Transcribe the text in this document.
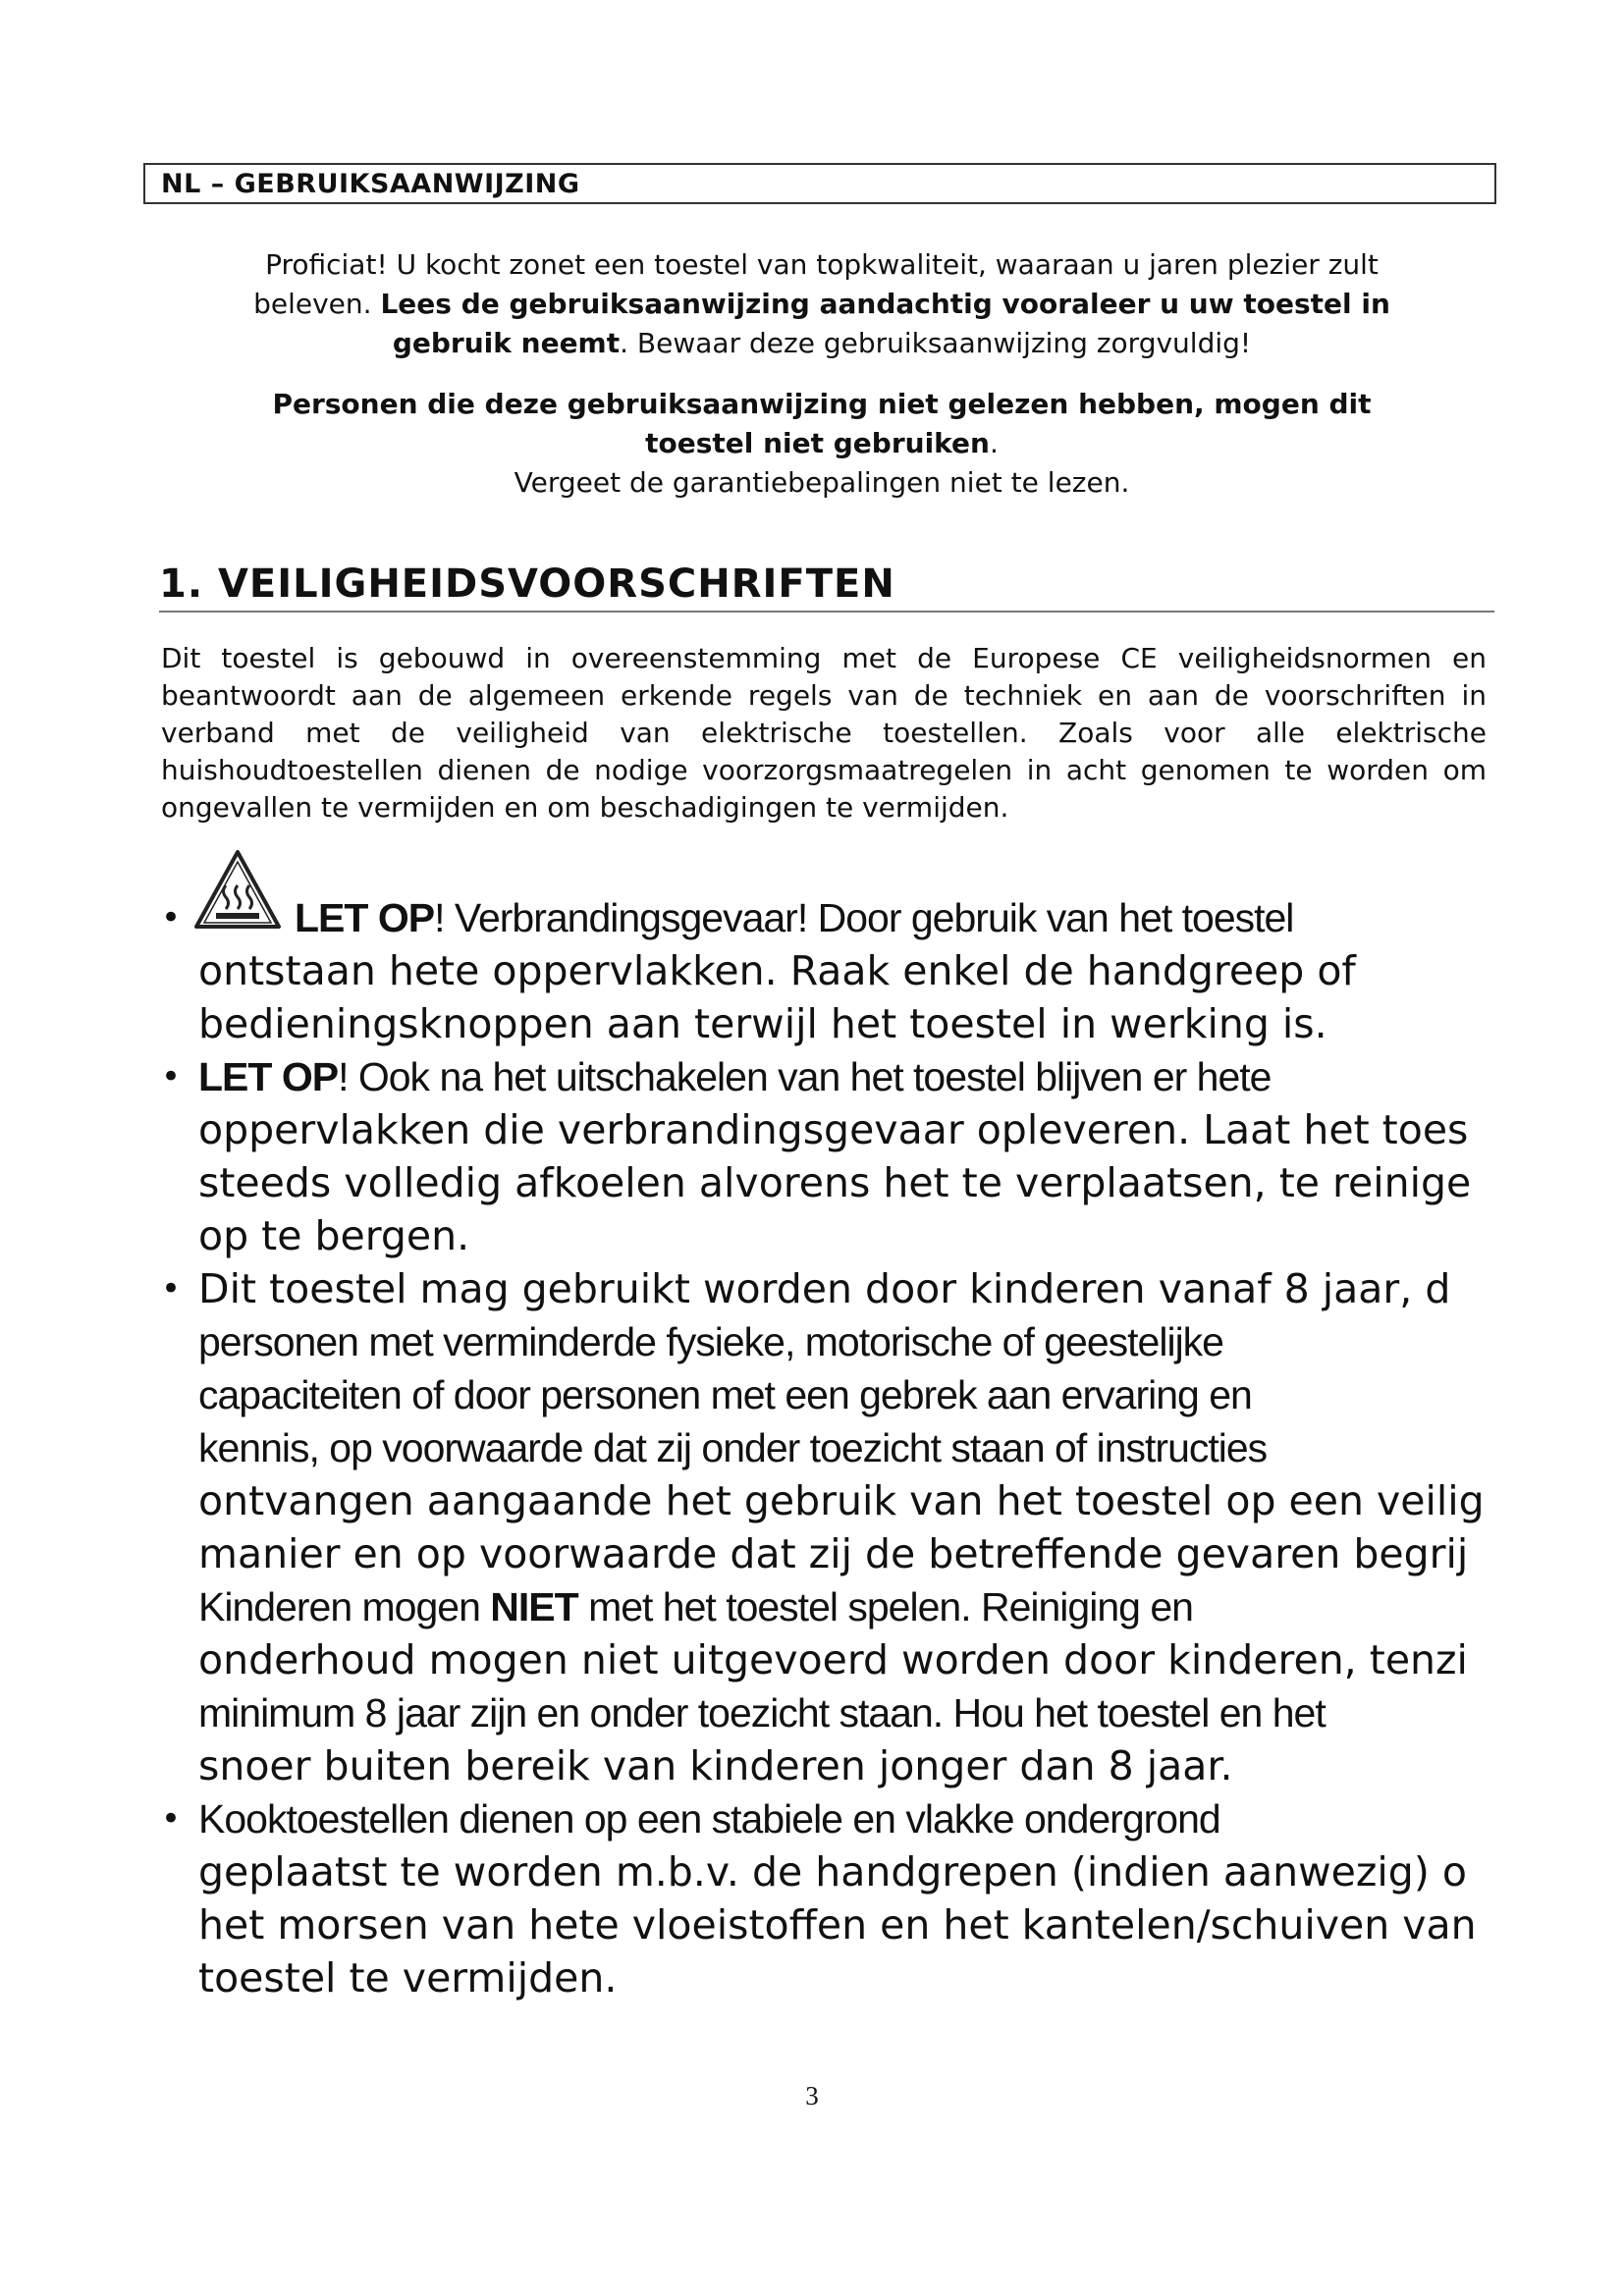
NL – GEBRUIKSAANWIJZING

Proficiat! U kocht zonet een toestel van topkwaliteit, waaraan u jaren plezier zult

beleven. Lees de gebruiksaanwijzing aandachtig vooraleer u uw toestel in

gebruik neemt. Bewaar deze gebruiksaanwijzing zorgvuldig!

Personen die deze gebruiksaanwijzing niet gelezen hebben, mogen dit

toestel niet gebruiken.

Vergeet de garantiebepalingen niet te lezen.

1. VEILIGHEIDSVOORSCHRIFTEN
Dit toestel is gebouwd in overeenstemming met de Europese CE veiligheidsnormen en beantwoordt aan de algemeen erkende regels van de techniek en aan de voorschriften in verband met de veiligheid van elektrische toestellen. Zoals voor alle elektrische huishoudtoestellen dienen de nodige voorzorgsmaatregelen in acht genomen te worden om ongevallen te vermijden en om beschadigingen te vermijden.
•	LET OP! Verbrandingsgevaar! Door gebruik van het toestel
ontstaan hete oppervlakken. Raak enkel de handgreep of
bedieningsknoppen aan terwijl het toestel in werking is.
• LET OP! Ook na het uitschakelen van het toestel blijven er hete
oppervlakken die verbrandingsgevaar opleveren. Laat het toes
steeds volledig afkoelen alvorens het te verplaatsen, te reinige
op te bergen.
• Dit toestel mag gebruikt worden door kinderen vanaf 8 jaar, d
personen met verminderde fysieke, motorische of geestelijke
capaciteiten of door personen met een gebrek aan ervaring en
kennis, op voorwaarde dat zij onder toezicht staan of instructies
ontvangen aangaande het gebruik van het toestel op een veilig
manier en op voorwaarde dat zij de betreffende gevaren begrij
Kinderen mogen NIET met het toestel spelen. Reiniging en
onderhoud mogen niet uitgevoerd worden door kinderen, tenzi
minimum 8 jaar zijn en onder toezicht staan. Hou het toestel en het
snoer buiten bereik van kinderen jonger dan 8 jaar.
• Kooktoestellen dienen op een stabiele en vlakke ondergrond
geplaatst te worden m.b.v. de handgrepen (indien aanwezig) o
het morsen van hete vloeistoffen en het kantelen/schuiven van
toestel te vermijden.
3
